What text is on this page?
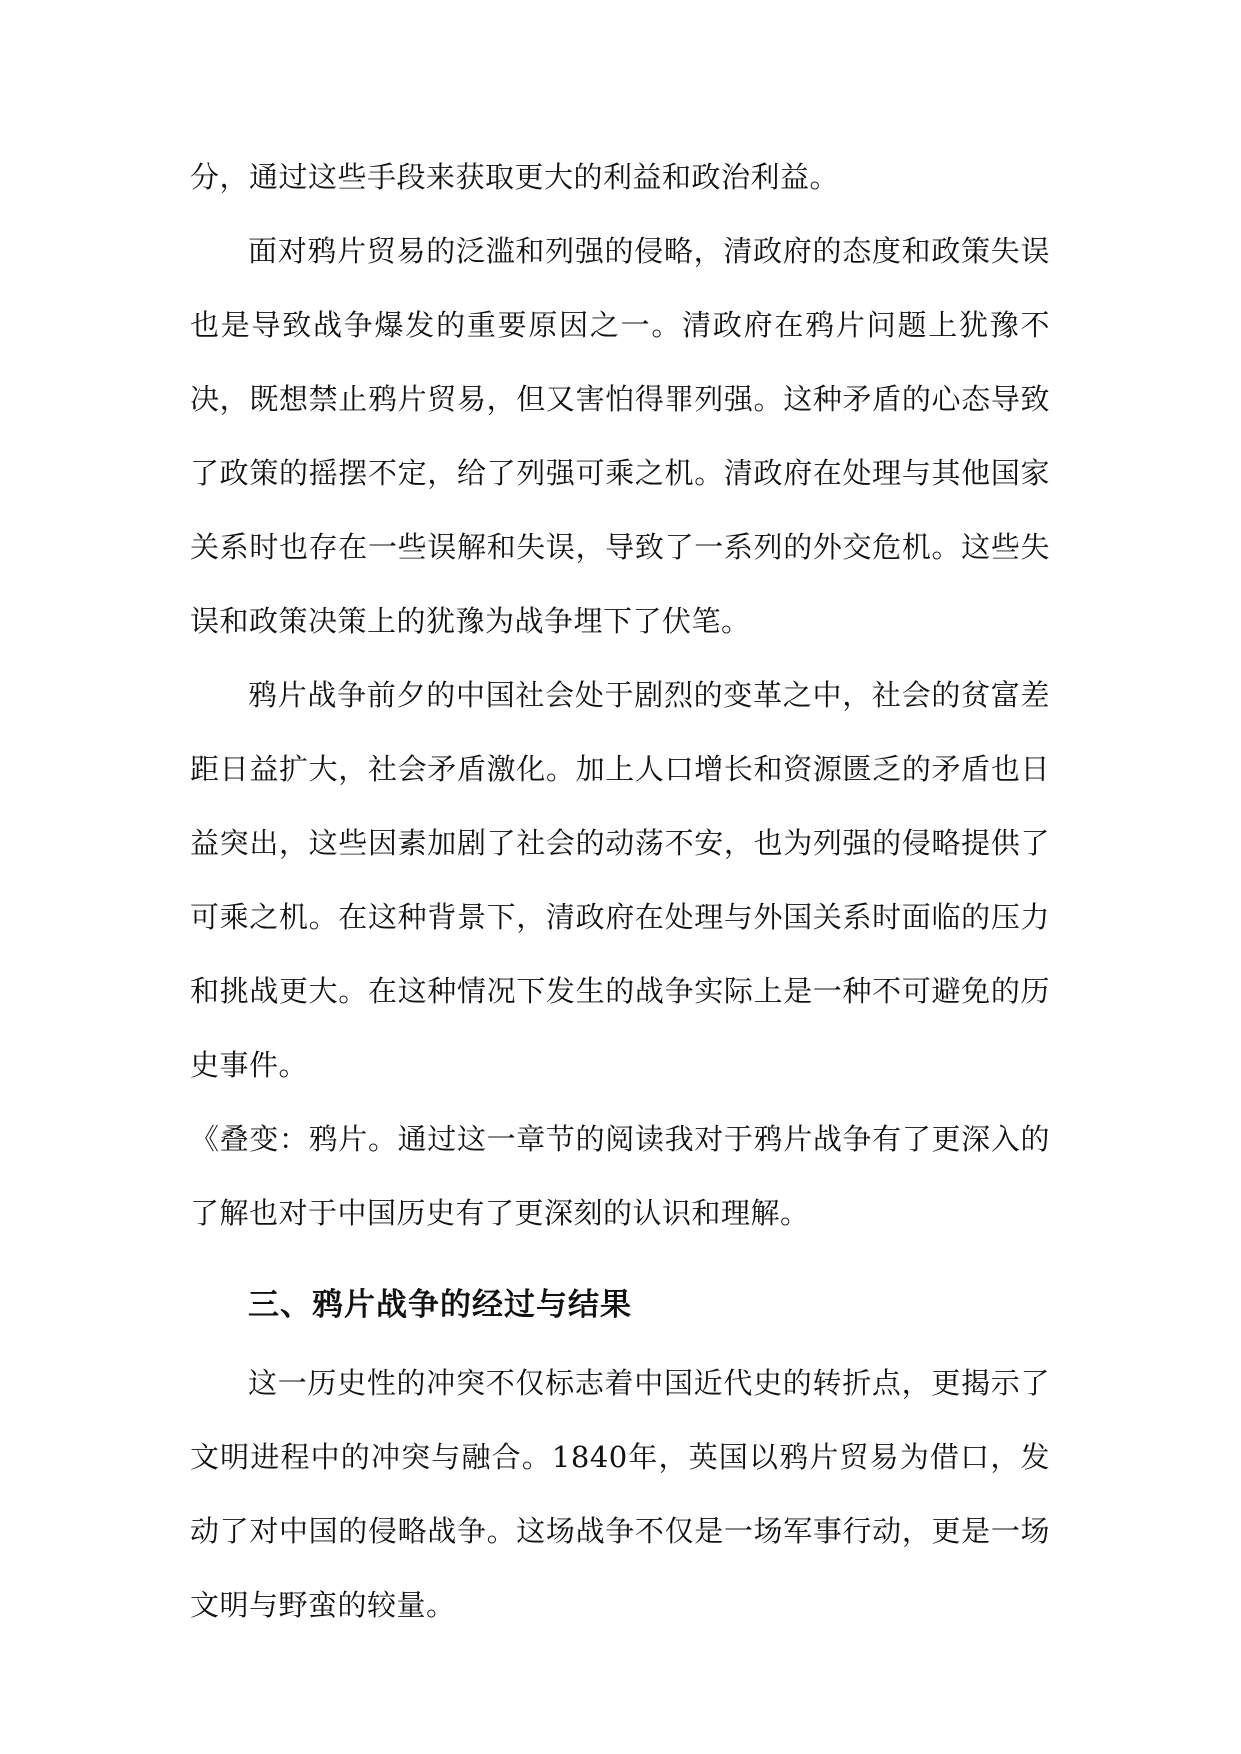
分，通过这些手段来获取更大的利益和政治利益。

面对鸦片贸易的泛滥和列强的侵略，清政府的态度和政策失误也是导致战争爆发的重要原因之一。清政府在鸦片问题上犹豫不决，既想禁止鸦片贸易，但又害怕得罪列强。这种矛盾的心态导致了政策的摇摆不定，给了列强可乘之机。清政府在处理与其他国家关系时也存在一些误解和失误，导致了一系列的外交危机。这些失误和政策决策上的犹豫为战争埋下了伏笔。

鸦片战争前夕的中国社会处于剧烈的变革之中，社会的贫富差距日益扩大，社会矛盾激化。加上人口增长和资源匮乏的矛盾也日益突出，这些因素加剧了社会的动荡不安，也为列强的侵略提供了可乘之机。在这种背景下，清政府在处理与外国关系时面临的压力和挑战更大。在这种情况下发生的战争实际上是一种不可避免的历史事件。

《叠变：鸦片。通过这一章节的阅读我对于鸦片战争有了更深入的了解也对于中国历史有了更深刻的认识和理解。

三、鸦片战争的经过与结果

这一历史性的冲突不仅标志着中国近代史的转折点，更揭示了文明进程中的冲突与融合。1840年，英国以鸦片贸易为借口，发动了对中国的侵略战争。这场战争不仅是一场军事行动，更是一场文明与野蛮的较量。
